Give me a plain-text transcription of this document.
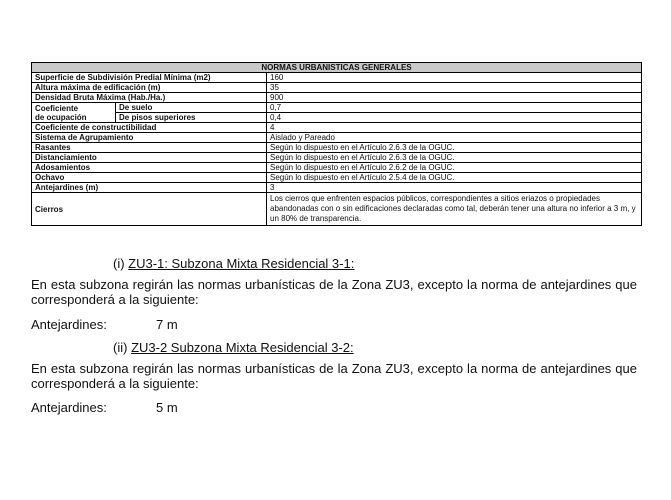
NORMAS URBANISTICAS GENERALES		
Superficie de Subdivisión Predial Mínima (m2)		160
Altura máxima de edificación (m)		35
Densidad Bruta Máxima (Hab./Ha.)		900
Coeficiente
de ocupación	De suelo	0,7
	De pisos superiores	0,4
Coeficiente de constructibilidad		4
Sistema de Agrupamiento		Aislado y Pareado
Rasantes		Según lo dispuesto en el Artículo 2.6.3 de la OGUC.
Distanciamiento		Según lo dispuesto en el Artículo 2.6.3 de la OGUC.
Adosamientos		Según lo dispuesto en el Artículo 2.6.2 de la OGUC.
Ochavo		Según lo dispuesto en el Artículo 2.5.4 de la OGUC.
Antejardines (m)		3
Cierros		Los cierros que enfrenten espacios públicos, correspondientes a sitios eriazos o propiedades abandonadas con o sin edificaciones declaradas como tal, deberán tener una altura no inferior a 3 m, y un 80% de transparencia.
(i) ZU3-1: Subzona Mixta Residencial 3-1:
En esta subzona regirán las normas urbanísticas de la Zona ZU3, excepto la norma de antejardines que corresponderá a la siguiente:
Antejardines:	7 m
(ii) ZU3-2 Subzona Mixta Residencial 3-2:
En esta subzona regirán las normas urbanísticas de la Zona ZU3, excepto la norma de antejardines que corresponderá a la siguiente:
Antejardines:	5 m
